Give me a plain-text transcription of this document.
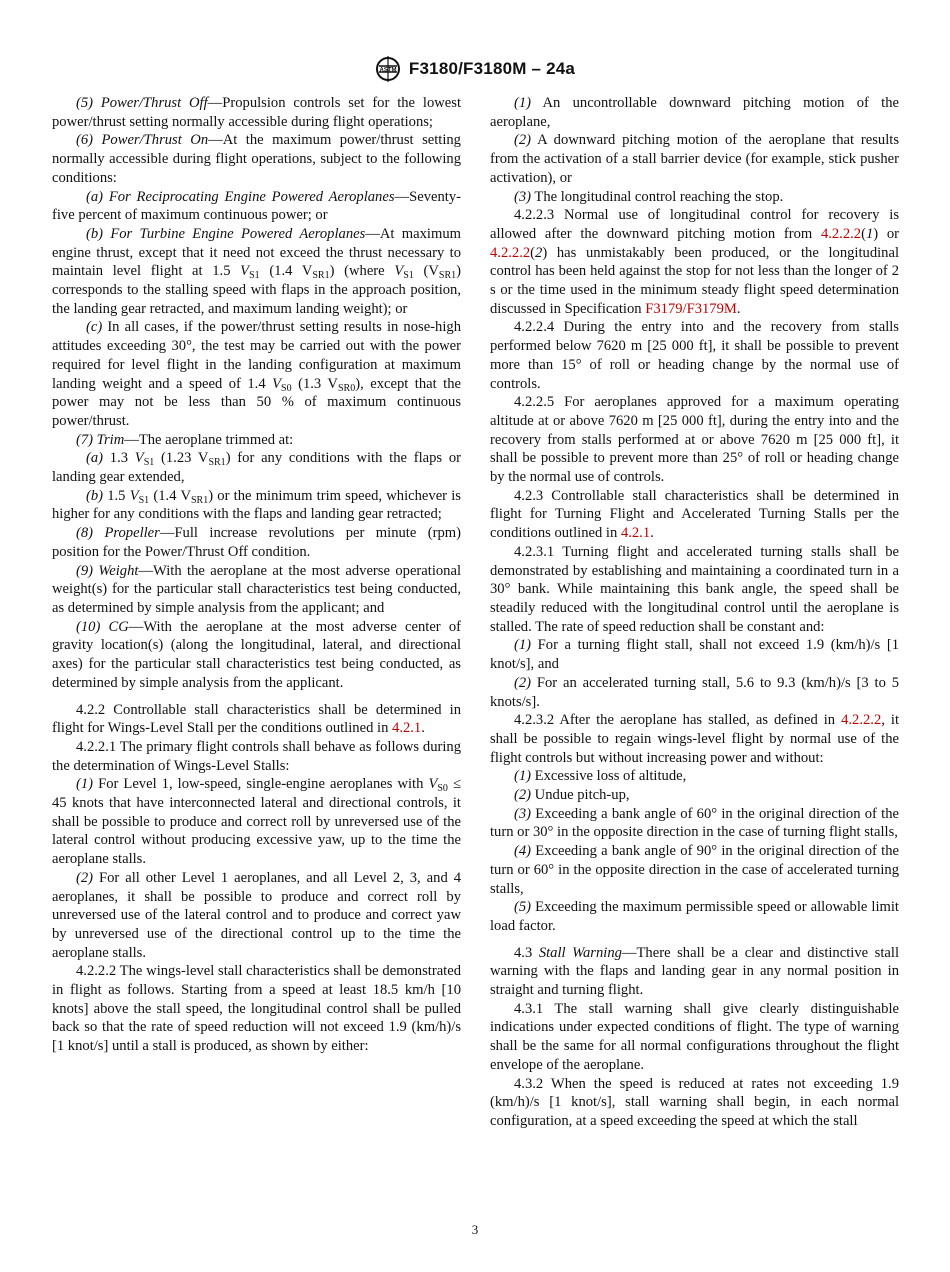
ASTM F3180/F3180M – 24a

(5) Power/Thrust Off—Propulsion controls set for the lowest power/thrust setting normally accessible during flight operations;

(6) Power/Thrust On—At the maximum power/thrust setting normally accessible during flight operations, subject to the following conditions:

(a) For Reciprocating Engine Powered Aeroplanes—Seventy-five percent of maximum continuous power; or

(b) For Turbine Engine Powered Aeroplanes—At maximum engine thrust, except that it need not exceed the thrust necessary to maintain level flight at 1.5 $V_{S1}$ (1.4 $V_{SR1}$) (where $V_{S1}$ $(V_{SR1})$ corresponds to the stalling speed with flaps in the approach position, the landing gear retracted, and maximum landing weight); or

(c) In all cases, if the power/thrust setting results in nose-high attitudes exceeding 30°, the test may be carried out with the power required for level flight in the landing configuration at maximum landing weight and a speed of 1.4 $V_{S0}$ (1.3 $V_{SR0}$), except that the power may not be less than 50 % of maximum continuous power/thrust.

(7) Trim—The aeroplane trimmed at:

(a) 1.3 $V_{S1}$ (1.23 $V_{SR1}$) for any conditions with the flaps or landing gear extended,

(b) 1.5 $V_{S1}$ (1.4 $V_{SR1}$) or the minimum trim speed, whichever is higher for any conditions with the flaps and landing gear retracted;

(8) Propeller—Full increase revolutions per minute (rpm) position for the Power/Thrust Off condition.

(9) Weight—With the aeroplane at the most adverse operational weight(s) for the particular stall characteristics test being conducted, as determined by simple analysis from the applicant; and

(10) CG—With the aeroplane at the most adverse center of gravity location(s) (along the longitudinal, lateral, and directional axes) for the particular stall characteristics test being conducted, as determined by simple analysis from the applicant.

4.2.2 Controllable stall characteristics shall be determined in flight for Wings-Level Stall per the conditions outlined in 4.2.1.

4.2.2.1 The primary flight controls shall behave as follows during the determination of Wings-Level Stalls:

(1) For Level 1, low-speed, single-engine aeroplanes with $V_{S0} \le 45$ knots that have interconnected lateral and directional controls, it shall be possible to produce and correct roll by unreversed use of the lateral control without producing excessive yaw, up to the time the aeroplane stalls.

(2) For all other Level 1 aeroplanes, and all Level 2, 3, and 4 aeroplanes, it shall be possible to produce and correct roll by unreversed use of the lateral control and to produce and correct yaw by unreversed use of the directional control up to the time the aeroplane stalls.

4.2.2.2 The wings-level stall characteristics shall be demonstrated in flight as follows. Starting from a speed at least 18.5 km/h [10 knots] above the stall speed, the longitudinal control shall be pulled back so that the rate of speed reduction will not exceed 1.9 (km/h)/s [1 knot/s] until a stall is produced, as shown by either:

(1) An uncontrollable downward pitching motion of the aeroplane,

(2) A downward pitching motion of the aeroplane that results from the activation of a stall barrier device (for example, stick pusher activation), or

(3) The longitudinal control reaching the stop.

4.2.2.3 Normal use of longitudinal control for recovery is allowed after the downward pitching motion from 4.2.2.2(1) or 4.2.2.2(2) has unmistakably been produced, or the longitudinal control has been held against the stop for not less than the longer of 2 s or the time used in the minimum steady flight speed determination discussed in Specification F3179/F3179M.

4.2.2.4 During the entry into and the recovery from stalls performed below 7620 m [25 000 ft], it shall be possible to prevent more than 15° of roll or heading change by the normal use of controls.

4.2.2.5 For aeroplanes approved for a maximum operating altitude at or above 7620 m [25 000 ft], during the entry into and the recovery from stalls performed at or above 7620 m [25 000 ft], it shall be possible to prevent more than 25° of roll or heading change by the normal use of controls.

4.2.3 Controllable stall characteristics shall be determined in flight for Turning Flight and Accelerated Turning Stalls per the conditions outlined in 4.2.1.

4.2.3.1 Turning flight and accelerated turning stalls shall be demonstrated by establishing and maintaining a coordinated turn in a 30° bank. While maintaining this bank angle, the speed shall be steadily reduced with the longitudinal control until the aeroplane is stalled. The rate of speed reduction shall be constant and:

(1) For a turning flight stall, shall not exceed 1.9 (km/h)/s [1 knot/s], and

(2) For an accelerated turning stall, 5.6 to 9.3 (km/h)/s [3 to 5 knots/s].

4.2.3.2 After the aeroplane has stalled, as defined in 4.2.2.2, it shall be possible to regain wings-level flight by normal use of the flight controls but without increasing power and without:

(1) Excessive loss of altitude,

(2) Undue pitch-up,

(3) Exceeding a bank angle of 60° in the original direction of the turn or 30° in the opposite direction in the case of turning flight stalls,

(4) Exceeding a bank angle of 90° in the original direction of the turn or 60° in the opposite direction in the case of accelerated turning stalls,

(5) Exceeding the maximum permissible speed or allowable limit load factor.

4.3 Stall Warning—There shall be a clear and distinctive stall warning with the flaps and landing gear in any normal position in straight and turning flight.

4.3.1 The stall warning shall give clearly distinguishable indications under expected conditions of flight. The type of warning shall be the same for all normal configurations throughout the flight envelope of the aeroplane.

4.3.2 When the speed is reduced at rates not exceeding 1.9 (km/h)/s [1 knot/s], stall warning shall begin, in each normal configuration, at a speed exceeding the speed at which the stall

3
